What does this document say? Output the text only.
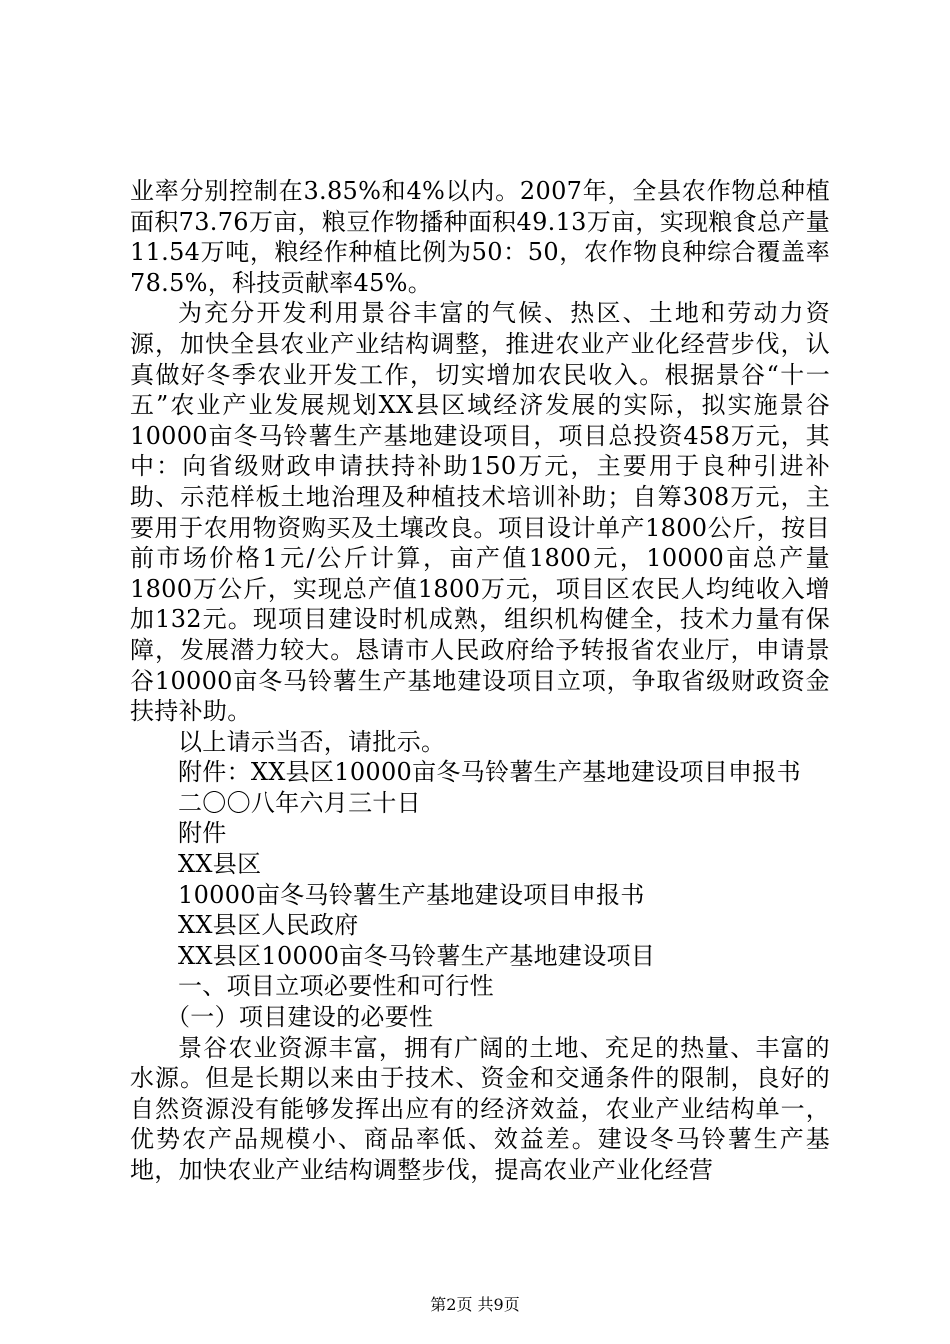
业率分别控制在3.85%和4%以内。2007年，全县农作物总种植面积73.76万亩，粮豆作物播种面积49.13万亩，实现粮食总产量11.54万吨，粮经作种植比例为50：50，农作物良种综合覆盖率78.5%，科技贡献率45%。

为充分开发利用景谷丰富的气候、热区、土地和劳动力资源，加快全县农业产业结构调整，推进农业产业化经营步伐，认真做好冬季农业开发工作，切实增加农民收入。根据景谷“十一五”农业产业发展规划XX县区域经济发展的实际，拟实施景谷10000亩冬马铃薯生产基地建设项目，项目总投资458万元，其中：向省级财政申请扶持补助150万元，主要用于良种引进补助、示范样板土地治理及种植技术培训补助；自筹308万元，主要用于农用物资购买及土壤改良。项目设计单产1800公斤，按目前市场价格1元/公斤计算，亩产值1800元，10000亩总产量1800万公斤，实现总产值1800万元，项目区农民人均纯收入增加132元。现项目建设时机成熟，组织机构健全，技术力量有保障，发展潜力较大。恳请市人民政府给予转报省农业厅，申请景谷10000亩冬马铃薯生产基地建设项目立项，争取省级财政资金扶持补助。

以上请示当否，请批示。

附件：XX县区10000亩冬马铃薯生产基地建设项目申报书

二〇〇八年六月三十日

附件

XX县区

10000亩冬马铃薯生产基地建设项目申报书

XX县区人民政府

XX县区10000亩冬马铃薯生产基地建设项目

一、项目立项必要性和可行性

（一）项目建设的必要性

景谷农业资源丰富，拥有广阔的土地、充足的热量、丰富的水源。但是长期以来由于技术、资金和交通条件的限制，良好的自然资源没有能够发挥出应有的经济效益，农业产业结构单一，优势农产品规模小、商品率低、效益差。建设冬马铃薯生产基地，加快农业产业结构调整步伐，提高农业产业化经营

第2页 共9页
